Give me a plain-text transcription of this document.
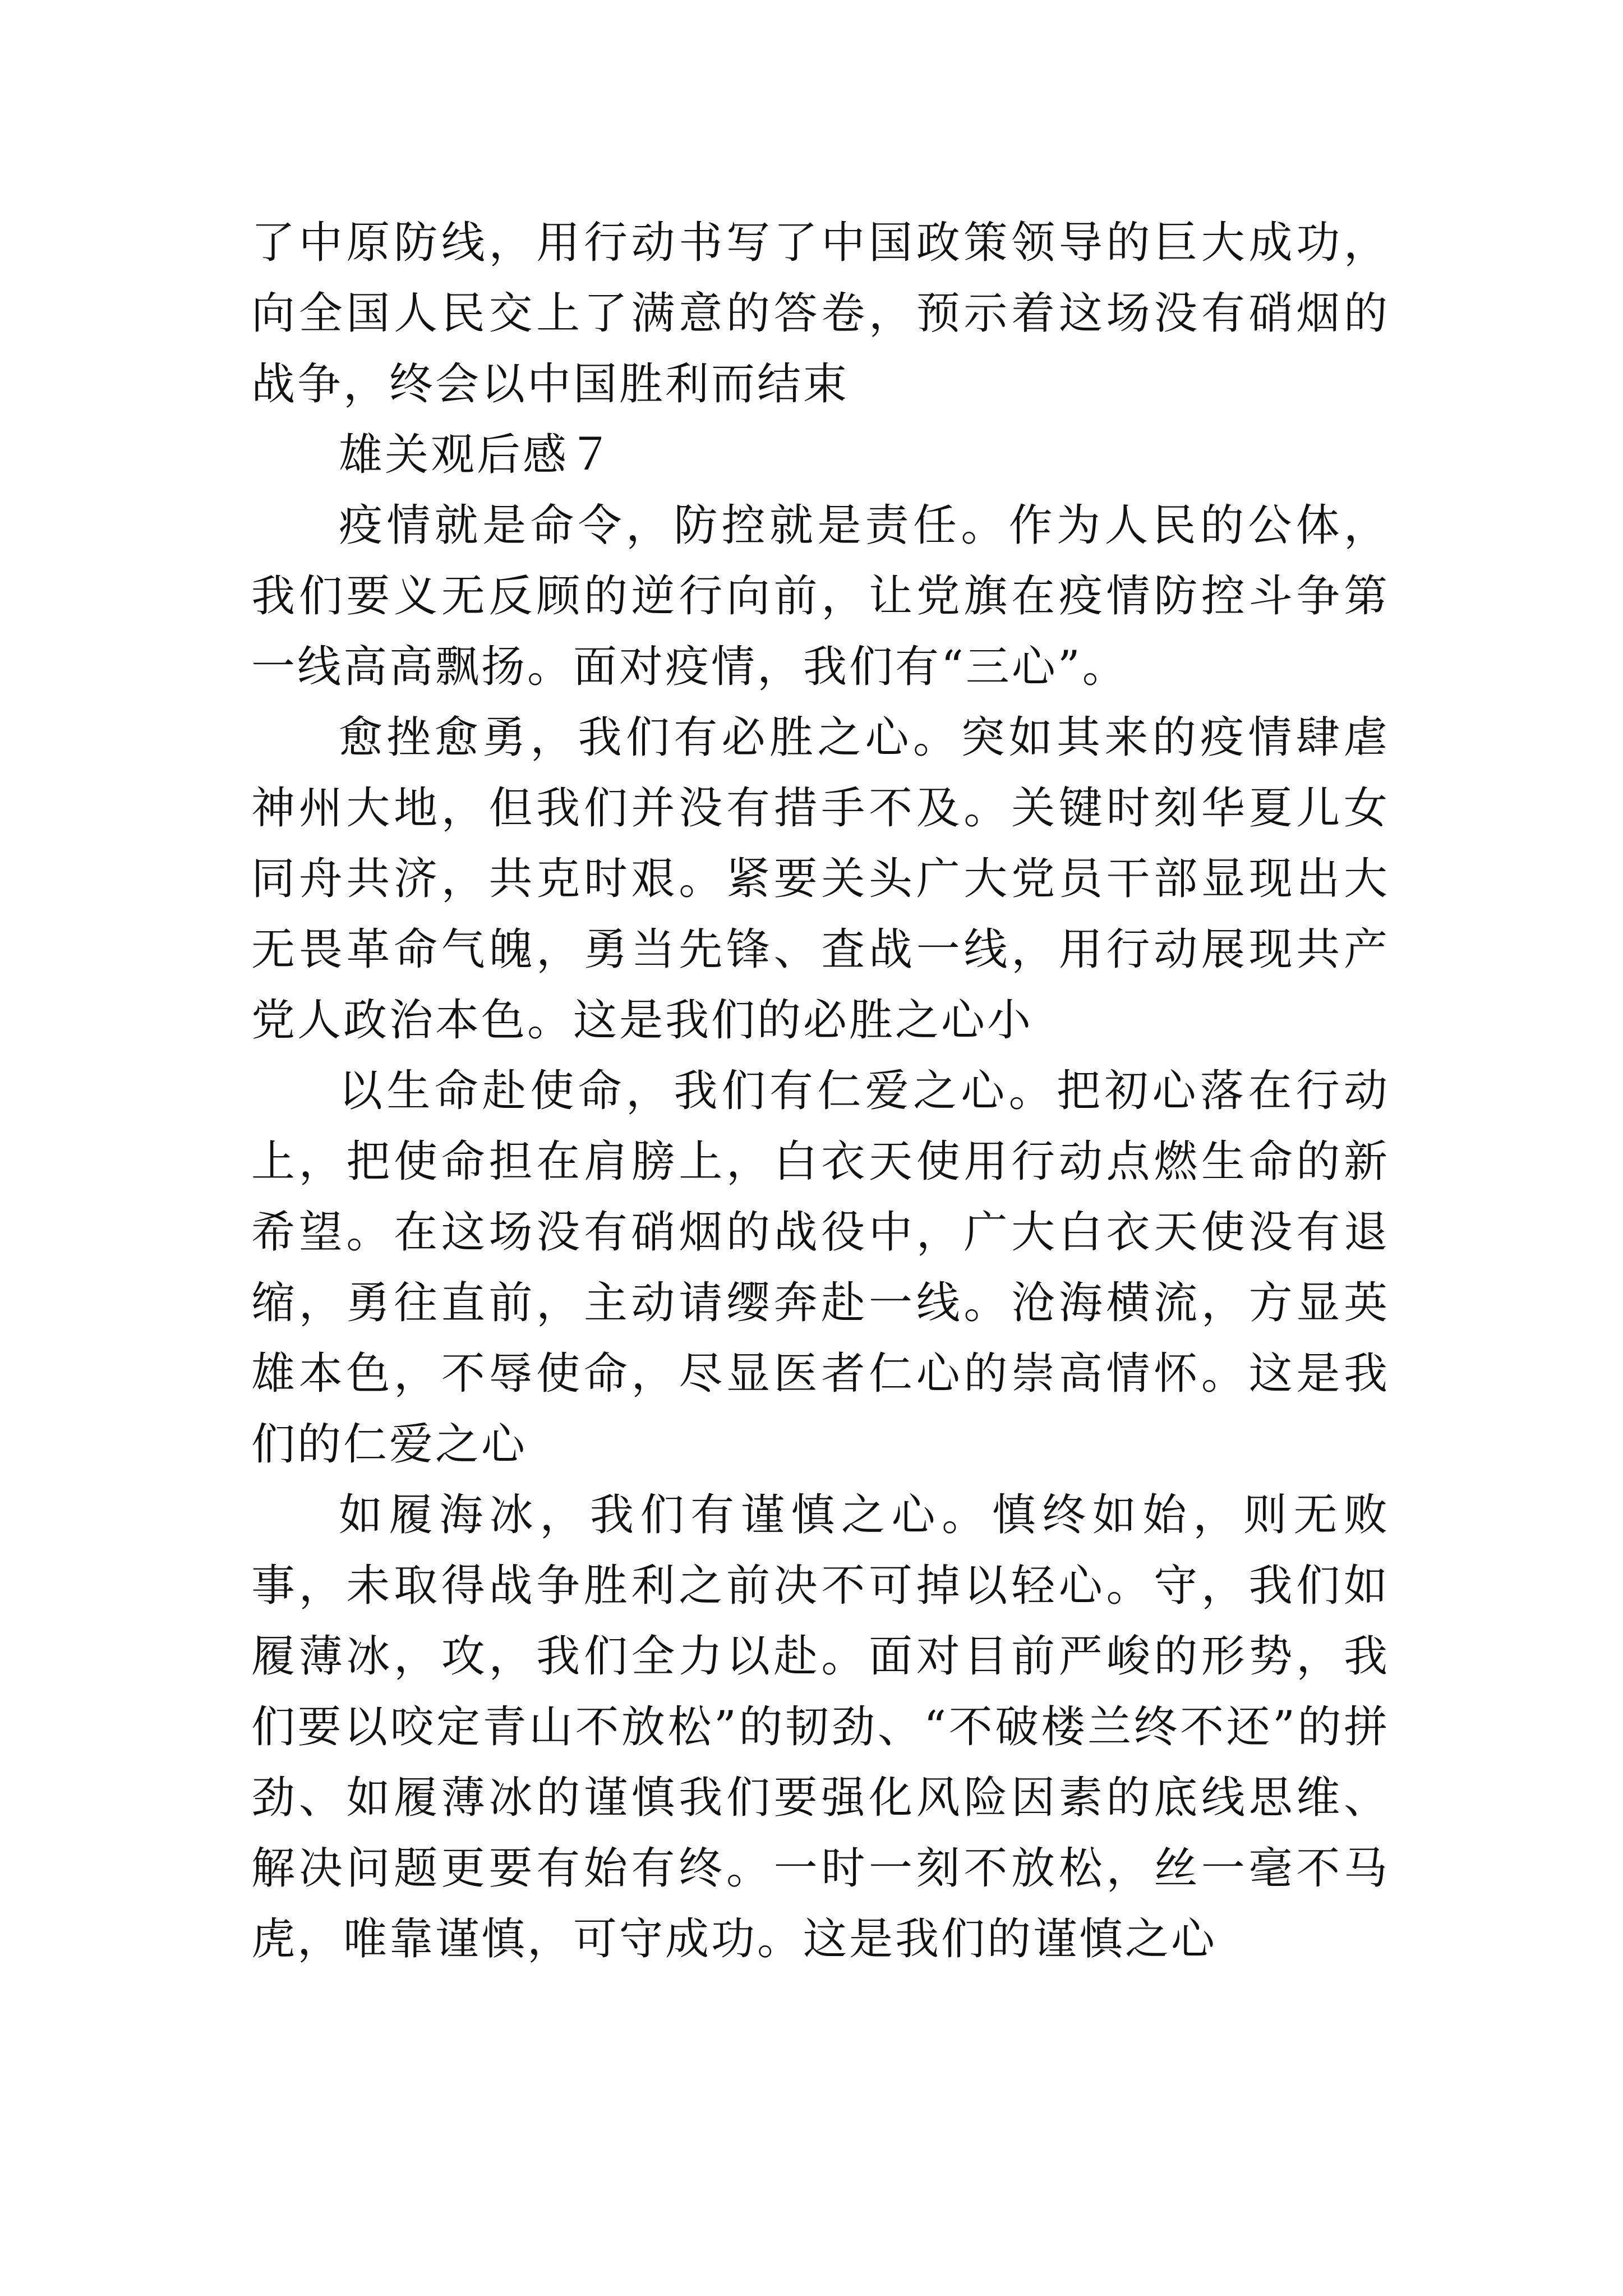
了中原防线，用行动书写了中国政策领导的巨大成功，向全国人民交上了满意的答卷，预示着这场没有硝烟的战争，终会以中国胜利而结束

雄关观后感７

疫情就是命令，防控就是责任。作为人民的公体，我们要义无反顾的逆行向前，让党旗在疫情防控斗争第一线高高飘扬。面对疫情，我们有“三心”。

愈挫愈勇，我们有必胜之心。突如其来的疫情肆虐神州大地，但我们并没有措手不及。关键时刻华夏儿女同舟共济，共克时艰。紧要关头广大党员干部显现出大无畏革命气魄，勇当先锋、査战一线，用行动展现共产党人政治本色。这是我们的必胜之心小

以生命赴使命，我们有仁爱之心。把初心落在行动上，把使命担在肩膀上，白衣天使用行动点燃生命的新希望。在这场没有硝烟的战役中，广大白衣天使没有退缩，勇往直前，主动请缨奔赴一线。沧海横流，方显英雄本色，不辱使命，尽显医者仁心的崇高情怀。这是我们的仁爱之心

如履海冰，我们有谨慎之心。慎终如始，则无败事，未取得战争胜利之前决不可掉以轻心。守，我们如履薄冰，攻，我们全力以赴。面对目前严峻的形势，我们要以咬定青山不放松”的韧劲、“不破楼兰终不还”的拼劲、如履薄冰的谨慎我们要强化风险因素的底线思维、解决问题更要有始有终。一时一刻不放松，丝一毫不马虎，唯靠谨慎，可守成功。这是我们的谨慎之心
